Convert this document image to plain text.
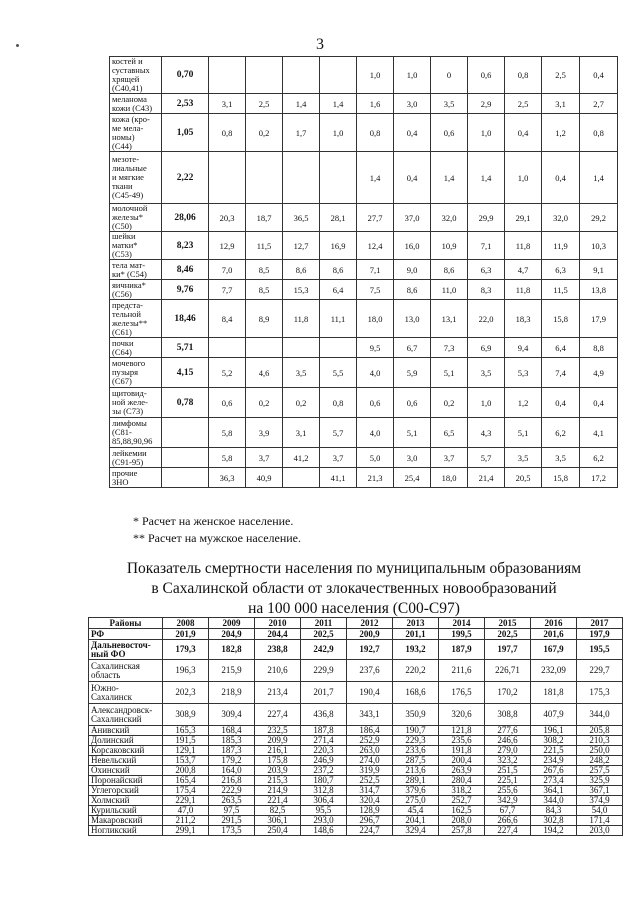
3
костей и
суставных
хрящей
(С40,41)	0,70					1,0	1,0	0	0,6	0,8	2,5	0,4

меланома
кожи (С43)	2,53	3,1	2,5	1,4	1,4	1,6	3,0	3,5	2,9	2,5	3,1	2,7

кожа (кро-
ме мела-
номы)
(С44)	1,05	0,8	0,2	1,7	1,0	0,8	0,4	0,6	1,0	0,4	1,2	0,8

мезоте-
лиальные
и мягкие
ткани
(С45-49)	2,22					1,4	0,4	1,4	1,4	1,0	0,4	1,4

молочной
железы*
(С50)	28,06	20,3	18,7	36,5	28,1	27,7	37,0	32,0	29,9	29,1	32,0	29,2

шейки
матки*
(С53)	8,23	12,9	11,5	12,7	16,9	12,4	16,0	10,9	7,1	11,8	11,9	10,3

тела мат-
ки* (С54)	8,46	7,0	8,5	8,6	8,6	7,1	9,0	8,6	6,3	4,7	6,3	9,1

яичника*
(С56)	9,76	7,7	8,5	15,3	6,4	7,5	8,6	11,0	8,3	11,8	11,5	13,8

предста-
тельной
железы**
(С61)	18,46	8,4	8,9	11,8	11,1	18,0	13,0	13,1	22,0	18,3	15,8	17,9

почки
(С64)	5,71					9,5	6,7	7,3	6,9	9,4	6,4	8,8

мочевого
пузыря
(С67)	4,15	5,2	4,6	3,5	5,5	4,0	5,9	5,1	3,5	5,3	7,4	4,9

щитовид-
ной желе-
зы (С73)	0,78	0,6	0,2	0,2	0,8	0,6	0,6	0,2	1,0	1,2	0,4	0,4

лимфомы
(С81-
85,88,90,96		5,8	3,9	3,1	5,7	4,0	5,1	6,5	4,3	5,1	6,2	4,1

лейкемии
(С91-95)		5,8	3,7	41,2	3,7	5,0	3,0	3,7	5,7	3,5	3,5	6,2

прочие
ЗНО		36,3	40,9		41,1	21,3	25,4	18,0	21,4	20,5	15,8	17,2
* Расчет на женское население.
** Расчет на мужское население.
Показатель смертности населения по муниципальным образованиям
в Сахалинской области от злокачественных новообразований
на 100 000 населения (С00-С97)
Районы	2008	2009	2010	2011	2012	2013	2014	2015	2016	2017

РФ	201,9	204,9	204,4	202,5	200,9	201,1	199,5	202,5	201,6	197,9

Дальневосточ-
ный ФО	179,3	182,8	238,8	242,9	192,7	193,2	187,9	197,7	167,9	195,5

Сахалинская
область	196,3	215,9	210,6	229,9	237,6	220,2	211,6	226,71	232,09	229,7

Южно-
Сахалинск	202,3	218,9	213,4	201,7	190,4	168,6	176,5	170,2	181,8	175,3

Александровск-
Сахалинский	308,9	309,4	227,4	436,8	343,1	350,9	320,6	308,8	407,9	344,0

Анивский	165,3	168,4	232,5	187,8	186,4	190,7	121,8	277,6	196,1	205,8

Долинский	191,5	185,3	209,9	271,4	252,9	229,3	235,6	246,6	308,2	210,3

Корсаковский	129,1	187,3	216,1	220,3	263,0	233,6	191,8	279,0	221,5	250,0

Невельский	153,7	179,2	175,8	246,9	274,0	287,5	200,4	323,2	234,9	248,2

Охинский	200,8	164,0	203,9	237,2	319,9	213,6	263,9	251,5	267,6	257,5

Поронайский	165,4	216,8	215,3	180,7	252,5	289,1	280,4	225,1	273,4	325,9

Углегорский	175,4	222,9	214,9	312,8	314,7	379,6	318,2	255,6	364,1	367,1

Холмский	229,1	263,5	221,4	306,4	320,4	275,0	252,7	342,9	344,0	374,9

Курильский	47,0	97,5	82,5	95,5	128,9	45,4	162,5	67,7	84,3	54,0

Макаровский	211,2	291,5	306,1	293,0	296,7	204,1	208,0	266,6	302,8	171,4

Ногликский	299,1	173,5	250,4	148,6	224,7	329,4	257,8	227,4	194,2	203,0
